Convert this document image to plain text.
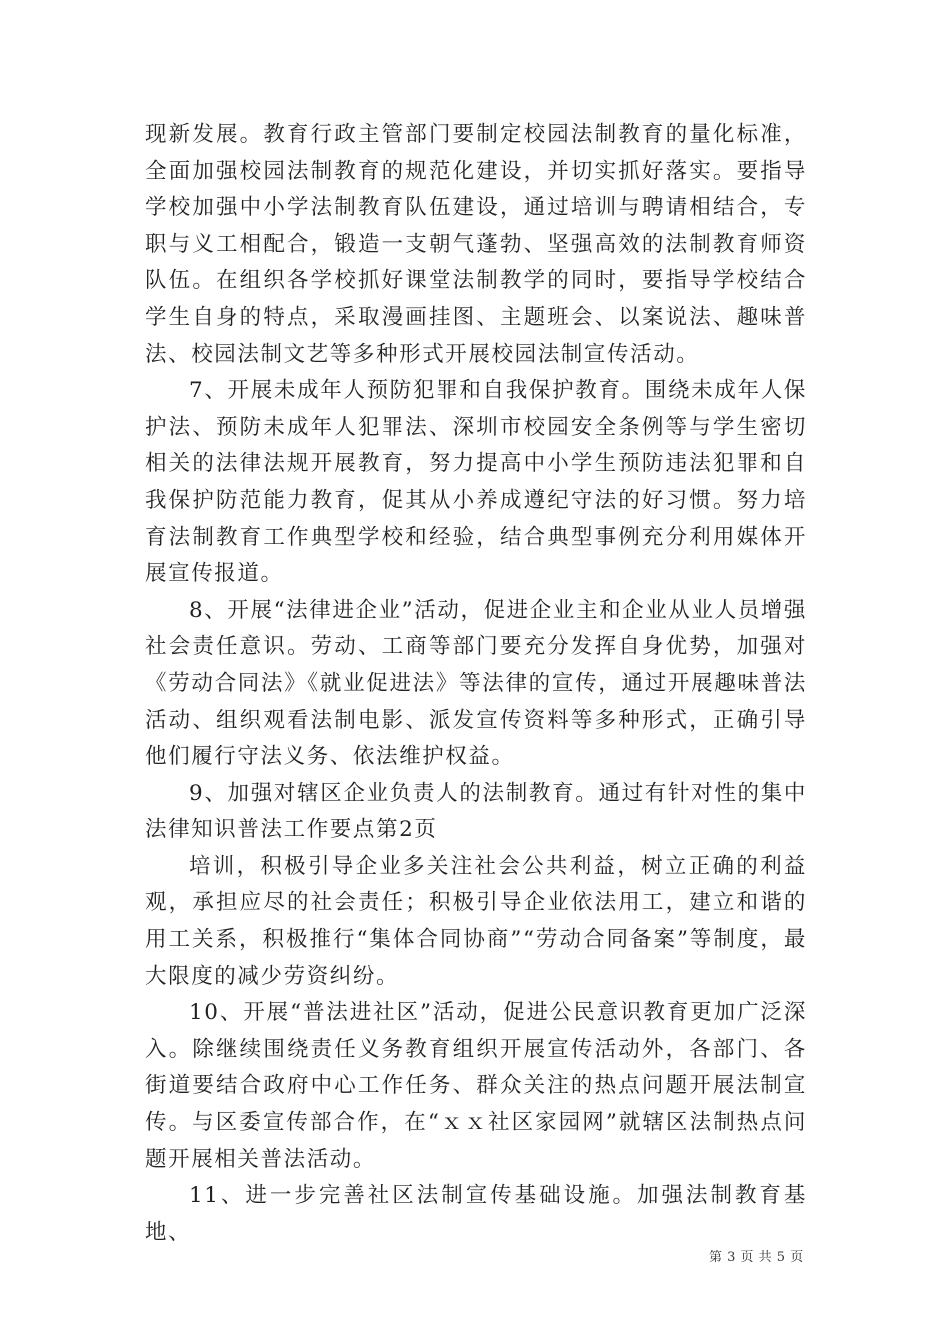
现新发展。教育行政主管部门要制定校园法制教育的量化标准，全面加强校园法制教育的规范化建设，并切实抓好落实。要指导学校加强中小学法制教育队伍建设，通过培训与聘请相结合，专职与义工相配合，锻造一支朝气蓬勃、坚强高效的法制教育师资队伍。在组织各学校抓好课堂法制教学的同时，要指导学校结合学生自身的特点，采取漫画挂图、主题班会、以案说法、趣味普法、校园法制文艺等多种形式开展校园法制宣传活动。

7、开展未成年人预防犯罪和自我保护教育。围绕未成年人保护法、预防未成年人犯罪法、深圳市校园安全条例等与学生密切相关的法律法规开展教育，努力提高中小学生预防违法犯罪和自我保护防范能力教育，促其从小养成遵纪守法的好习惯。努力培育法制教育工作典型学校和经验，结合典型事例充分利用媒体开展宣传报道。

8、开展“法律进企业”活动，促进企业主和企业从业人员增强社会责任意识。劳动、工商等部门要充分发挥自身优势，加强对《劳动合同法》《就业促进法》等法律的宣传，通过开展趣味普法活动、组织观看法制电影、派发宣传资料等多种形式，正确引导他们履行守法义务、依法维护权益。

9、加强对辖区企业负责人的法制教育。通过有针对性的集中法律知识普法工作要点第2页

培训，积极引导企业多关注社会公共利益，树立正确的利益观，承担应尽的社会责任；积极引导企业依法用工，建立和谐的用工关系，积极推行“集体合同协商”“劳动合同备案”等制度，最大限度的减少劳资纠纷。

10、开展“普法进社区”活动，促进公民意识教育更加广泛深入。除继续围绕责任义务教育组织开展宣传活动外，各部门、各街道要结合政府中心工作任务、群众关注的热点问题开展法制宣传。与区委宣传部合作，在“ｘｘ社区家园网”就辖区法制热点问题开展相关普法活动。

11、进一步完善社区法制宣传基础设施。加强法制教育基地、

第 3 页 共 5 页
